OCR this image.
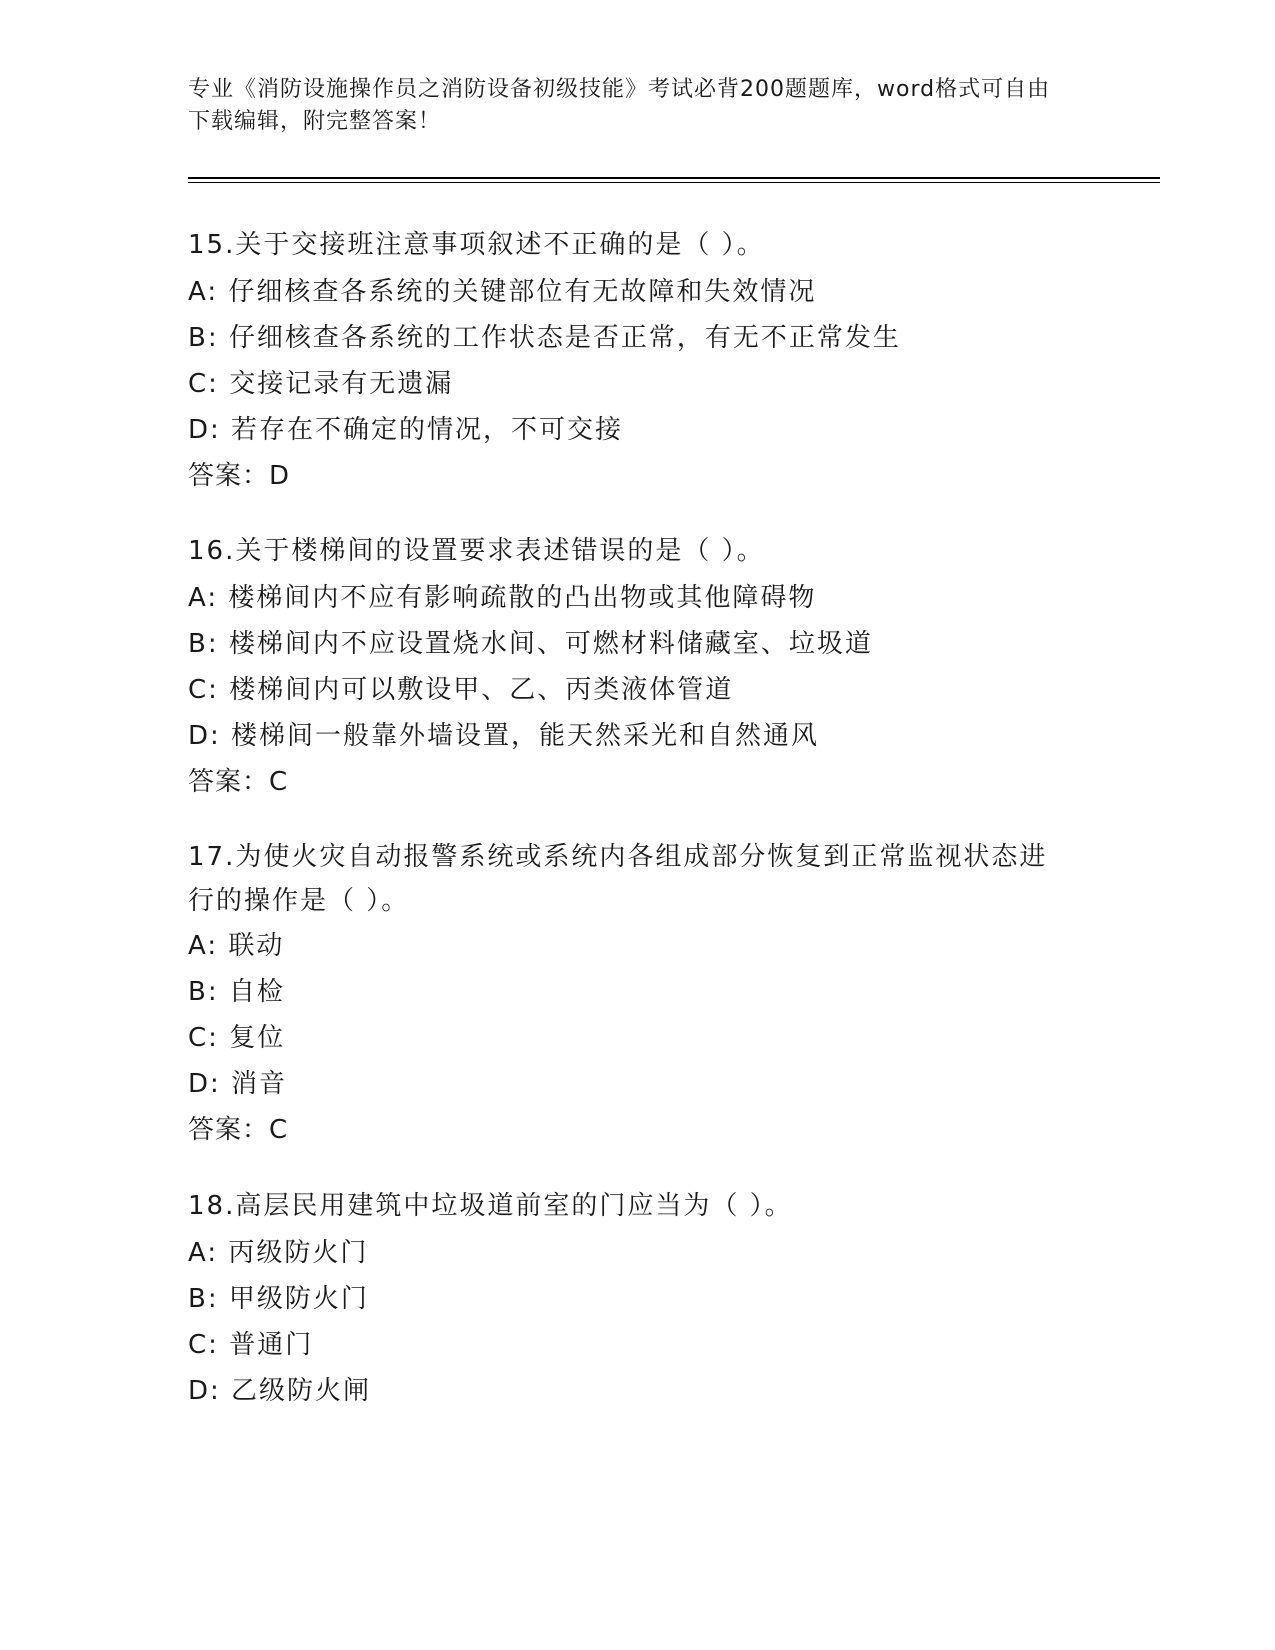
专业《消防设施操作员之消防设备初级技能》考试必背200题题库，word格式可自由下载编辑，附完整答案！
15.关于交接班注意事项叙述不正确的是（ ）。
A: 仔细核查各系统的关键部位有无故障和失效情况
B: 仔细核查各系统的工作状态是否正常，有无不正常发生
C: 交接记录有无遗漏
D: 若存在不确定的情况，不可交接
答案：D
16.关于楼梯间的设置要求表述错误的是（ ）。
A: 楼梯间内不应有影响疏散的凸出物或其他障碍物
B: 楼梯间内不应设置烧水间、可燃材料储藏室、垃圾道
C: 楼梯间内可以敷设甲、乙、丙类液体管道
D: 楼梯间一般靠外墙设置，能天然采光和自然通风
答案：C
17.为使火灾自动报警系统或系统内各组成部分恢复到正常监视状态进行的操作是（ ）。
A: 联动
B: 自检
C: 复位
D: 消音
答案：C
18.高层民用建筑中垃圾道前室的门应当为（ ）。
A: 丙级防火门
B: 甲级防火门
C: 普通门
D: 乙级防火闸
